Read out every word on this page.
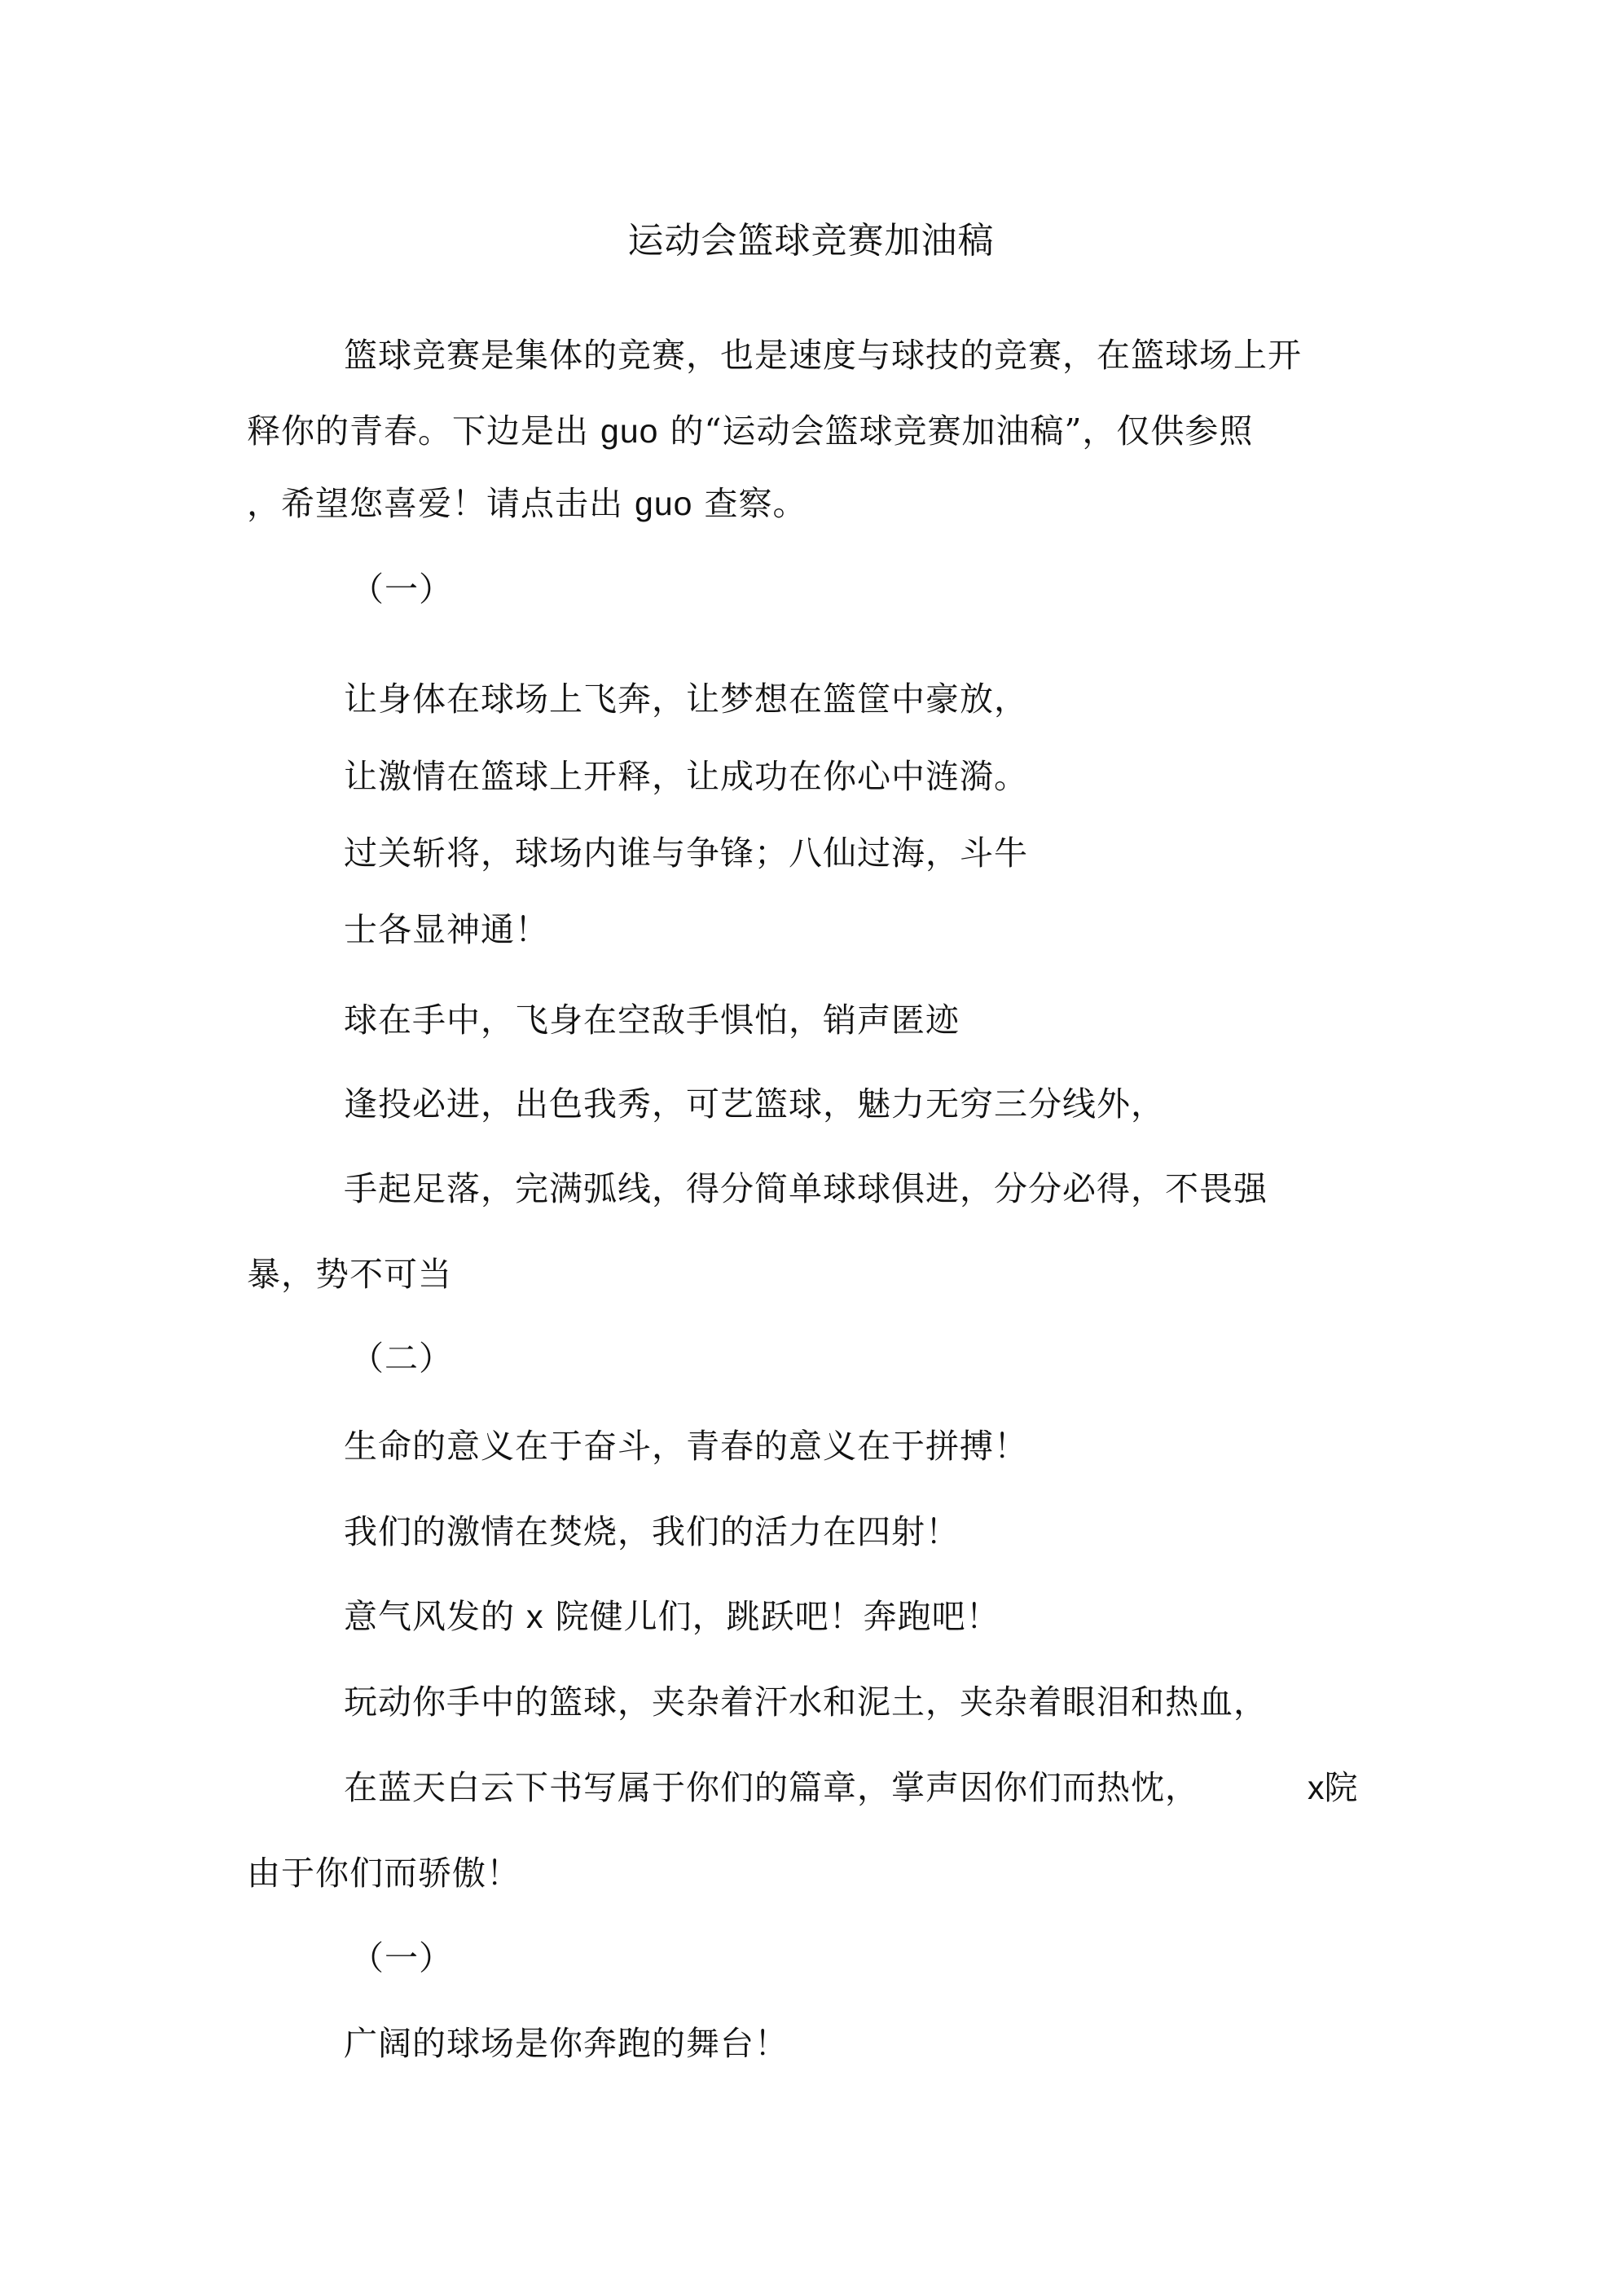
运动会篮球竞赛加油稿
篮球竞赛是集体的竞赛，也是速度与球技的竞赛，在篮球场上开
释你的青春。下边是出 guo 的“运动会篮球竞赛加油稿”，仅供参照
，希望您喜爱！请点击出 guo 查察。
（一）
让身体在球场上飞奔，让梦想在篮筐中豪放，
让激情在篮球上开释，让成功在你心中涟漪。
过关斩将，球场内谁与争锋；八仙过海，斗牛
士各显神通！
球在手中，飞身在空敌手惧怕，销声匿迹
逢投必进，出色我秀，可艺篮球，魅力无穷三分线外，
手起足落，完满弧线，得分简单球球俱进，分分必得，不畏强
暴，势不可当
（二）
生命的意义在于奋斗，青春的意义在于拼搏！
我们的激情在焚烧，我们的活力在四射！
意气风发的 x 院健儿们，跳跃吧！奔跑吧！
玩动你手中的篮球，夹杂着汗水和泥土，夹杂着眼泪和热血，
在蓝天白云下书写属于你们的篇章，掌声因你们而热忱，	x院
由于你们而骄傲！
（一）
广阔的球场是你奔跑的舞台！
